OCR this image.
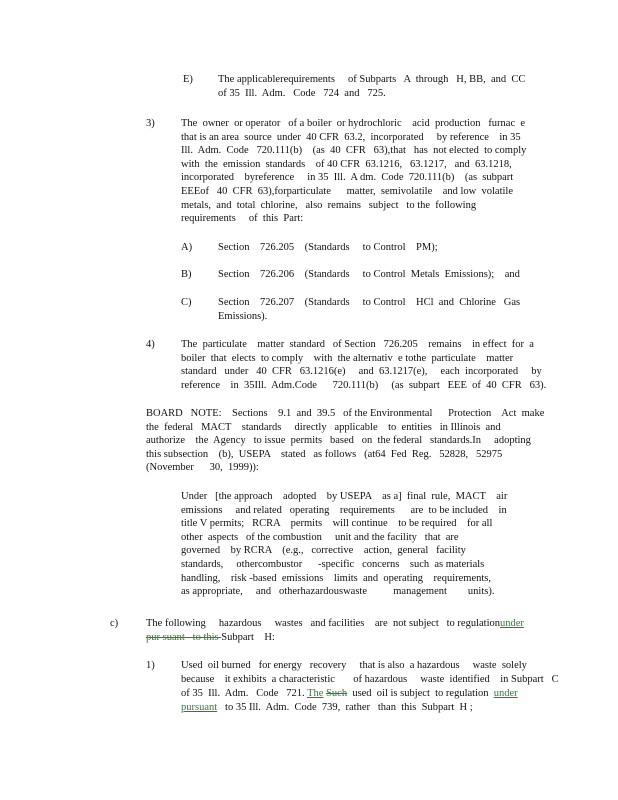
E) The applicablerequirements     of Subparts   A  through   H, BB,  and  CC
of 35  Ill.  Adm.   Code   724  and   725.
3)	The  owner  or operator   of a boiler  or hydrochloric    acid  production   furnac  e
that is an area  source  under  40 CFR  63.2,  incorporated     by reference    in 35
Ill.  Adm.  Code   720.111(b)    (as  40  CFR   63),that   has  not elected  to comply
with  the  emission  standards    of 40 CFR  63.1216,   63.1217,   and  63.1218,
incorporated    byreference     in 35  Ill.  A dm.  Code  720.111(b)    (as  subpart
EEEof   40  CFR  63),forparticulate      matter,  semivolatile    and low  volatile
metals,  and  total  chlorine,   also  remains   subject   to the  following
requirements     of  this  Part:
A) Section    726.205    (Standards     to Control    PM);
B)	Section    726.206    (Standards     to Control  Metals  Emissions);    and
C)	Section    726.207    (Standards     to Control    HCl  and  Chlorine   Gas
Emissions).
4)	The  particulate    matter  standard   of Section   726.205    remains    in effect  for  a
boiler  that  elects  to comply    with  the alternativ  e tothe  particulate    matter
standard   under   40  CFR   63.1216(e)     and  63.1217(e),     each  incorporated     by
reference    in  35Ill.  Adm.Code      720.111(b)     (as  subpart   EEE  of  40  CFR   63).
BOARD   NOTE:    Sections    9.1  and  39.5   of the Environmental      Protection    Act  make
the  federal   MACT    standards     directly   applicable    to  entities   in Illinois  and
authorize    the  Agency   to issue  permits   based   on  the federal   standards.In     adopting
this subsection    (b),  USEPA    stated   as follows   (at64  Fed  Reg.   52828,   52975
(November      30,  1999)):
Under   [the approach    adopted    by USEPA    as a]  final  rule,  MACT    air
emissions     and related   operating    requirements      are  to be included    in
title V permits;   RCRA    permits    will continue    to be required    for all
other  aspects   of the combustion     unit and the facility   that  are
governed    by RCRA    (e.g.,   corrective    action,  general   facility
standards,     othercombustor      -specific   concerns    such  as materials
handling,    risk -based  emissions    limits  and  operating    requirements,
as appropriate,     and   otherhazardouswaste          management        units).
c)	The following     hazardous     wastes   and facilities    are  not subject   to regulationunder
pur suant   to this Subpart    H:
1)	Used  oil burned   for energy   recovery     that is also  a hazardous     waste  solely
because    it exhibits  a characteristic       of hazardous     waste  identified    in Subpart   C
of 35  Ill.  Adm.   Code   721. The Such  used  oil is subject  to regulation  under
pursuant   to 35 Ill.  Adm.  Code  739,  rather   than  this  Subpart  H ;
